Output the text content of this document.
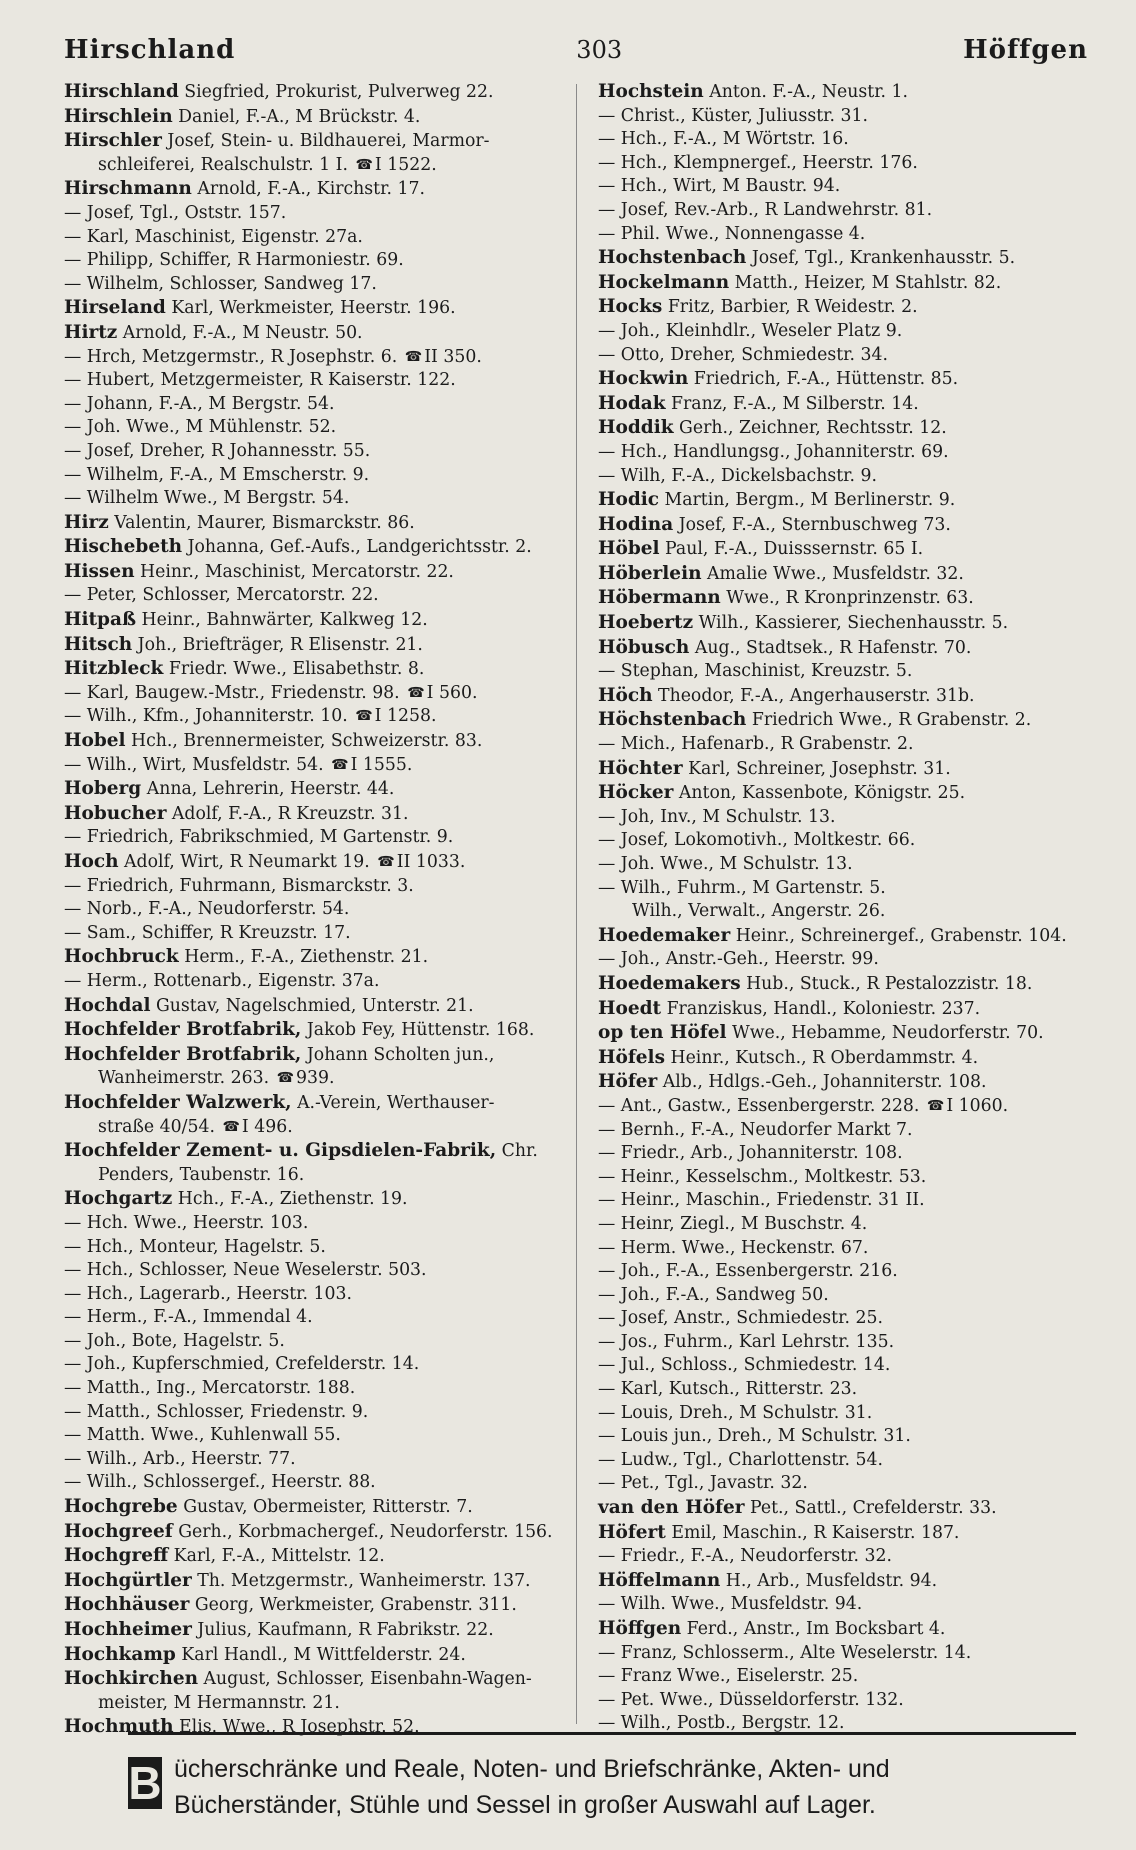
Hirschland	303	Höffgen
Hirschland Siegfried, Prokurist, Pulverweg 22.
Hirschlein Daniel, F.-A., M Brückstr. 4.
Hirschler Josef, Stein- u. Bildhauerei, Marmor-
schleiferei, Realschulstr. 1 I. ☎ I 1522.
Hirschmann Arnold, F.-A., Kirchstr. 17.
— Josef, Tgl., Oststr. 157.
— Karl, Maschinist, Eigenstr. 27a.
— Philipp, Schiffer, R Harmoniestr. 69.
— Wilhelm, Schlosser, Sandweg 17.
Hirseland Karl, Werkmeister, Heerstr. 196.
Hirtz Arnold, F.-A., M Neustr. 50.
— Hrch, Metzgermstr., R Josephstr. 6. ☎ II 350.
— Hubert, Metzgermeister, R Kaiserstr. 122.
— Johann, F.-A., M Bergstr. 54.
— Joh. Wwe., M Mühlenstr. 52.
— Josef, Dreher, R Johannesstr. 55.
— Wilhelm, F.-A., M Emscherstr. 9.
— Wilhelm Wwe., M Bergstr. 54.
Hirz Valentin, Maurer, Bismarckstr. 86.
Hischebeth Johanna, Gef.-Aufs., Landgerichtsstr. 2.
Hissen Heinr., Maschinist, Mercatorstr. 22.
— Peter, Schlosser, Mercatorstr. 22.
Hitpaß Heinr., Bahnwärter, Kalkweg 12.
Hitsch Joh., Briefträger, R Elisenstr. 21.
Hitzbleck Friedr. Wwe., Elisabethstr. 8.
— Karl, Baugew.-Mstr., Friedenstr. 98. ☎ I 560.
— Wilh., Kfm., Johanniterstr. 10. ☎ I 1258.
Hobel Hch., Brennermeister, Schweizerstr. 83.
— Wilh., Wirt, Musfeldstr. 54. ☎ I 1555.
Hoberg Anna, Lehrerin, Heerstr. 44.
Hobucher Adolf, F.-A., R Kreuzstr. 31.
— Friedrich, Fabrikschmied, M Gartenstr. 9.
Hoch Adolf, Wirt, R Neumarkt 19. ☎ II 1033.
— Friedrich, Fuhrmann, Bismarckstr. 3.
— Norb., F.-A., Neudorferstr. 54.
— Sam., Schiffer, R Kreuzstr. 17.
Hochbruck Herm., F.-A., Ziethenstr. 21.
— Herm., Rottenarb., Eigenstr. 37a.
Hochdal Gustav, Nagelschmied, Unterstr. 21.
Hochfelder Brotfabrik, Jakob Fey, Hüttenstr. 168.
Hochfelder Brotfabrik, Johann Scholten jun.,
Wanheimerstr. 263. ☎ 939.
Hochfelder Walzwerk, A.-Verein, Werthauser-
straße 40/54. ☎ I 496.
Hochfelder Zement- u. Gipsdielen-Fabrik, Chr.
Penders, Taubenstr. 16.
Hochgartz Hch., F.-A., Ziethenstr. 19.
— Hch. Wwe., Heerstr. 103.
— Hch., Monteur, Hagelstr. 5.
— Hch., Schlosser, Neue Weselerstr. 503.
— Hch., Lagerarb., Heerstr. 103.
— Herm., F.-A., Immendal 4.
— Joh., Bote, Hagelstr. 5.
— Joh., Kupferschmied, Crefelderstr. 14.
— Matth., Ing., Mercatorstr. 188.
— Matth., Schlosser, Friedenstr. 9.
— Matth. Wwe., Kuhlenwall 55.
— Wilh., Arb., Heerstr. 77.
— Wilh., Schlossergef., Heerstr. 88.
Hochgrebe Gustav, Obermeister, Ritterstr. 7.
Hochgreef Gerh., Korbmachergef., Neudorferstr. 156.
Hochgreff Karl, F.-A., Mittelstr. 12.
Hochgürtler Th. Metzgermstr., Wanheimerstr. 137.
Hochhäuser Georg, Werkmeister, Grabenstr. 311.
Hochheimer Julius, Kaufmann, R Fabrikstr. 22.
Hochkamp Karl Handl., M Wittfelderstr. 24.
Hochkirchen August, Schlosser, Eisenbahn-Wagen-
meister, M Hermannstr. 21.
Hochmuth Elis. Wwe., R Josephstr. 52.
Hochstein Anton. F.-A., Neustr. 1.
— Christ., Küster, Juliusstr. 31.
— Hch., F.-A., M Wörtstr. 16.
— Hch., Klempnergef., Heerstr. 176.
— Hch., Wirt, M Baustr. 94.
— Josef, Rev.-Arb., R Landwehrstr. 81.
— Phil. Wwe., Nonnengasse 4.
Hochstenbach Josef, Tgl., Krankenhausstr. 5.
Hockelmann Matth., Heizer, M Stahlstr. 82.
Hocks Fritz, Barbier, R Weidestr. 2.
— Joh., Kleinhdlr., Weseler Platz 9.
— Otto, Dreher, Schmiedestr. 34.
Hockwin Friedrich, F.-A., Hüttenstr. 85.
Hodak Franz, F.-A., M Silberstr. 14.
Hoddik Gerh., Zeichner, Rechtsstr. 12.
— Hch., Handlungsg., Johanniterstr. 69.
— Wilh, F.-A., Dickelsbachstr. 9.
Hodic Martin, Bergm., M Berlinerstr. 9.
Hodina Josef, F.-A., Sternbuschweg 73.
Höbel Paul, F.-A., Duisssernstr. 65 I.
Höberlein Amalie Wwe., Musfeldstr. 32.
Höbermann Wwe., R Kronprinzenstr. 63.
Hoebertz Wilh., Kassierer, Siechenhausstr. 5.
Höbusch Aug., Stadtsek., R Hafenstr. 70.
— Stephan, Maschinist, Kreuzstr. 5.
Höch Theodor, F.-A., Angerhauserstr. 31b.
Höchstenbach Friedrich Wwe., R Grabenstr. 2.
— Mich., Hafenarb., R Grabenstr. 2.
Höchter Karl, Schreiner, Josephstr. 31.
Höcker Anton, Kassenbote, Königstr. 25.
— Joh, Inv., M Schulstr. 13.
— Josef, Lokomotivh., Moltkestr. 66.
— Joh. Wwe., M Schulstr. 13.
— Wilh., Fuhrm., M Gartenstr. 5.
Wilh., Verwalt., Angerstr. 26.
Hoedemaker Heinr., Schreinergef., Grabenstr. 104.
— Joh., Anstr.-Geh., Heerstr. 99.
Hoedemakers Hub., Stuck., R Pestalozzistr. 18.
Hoedt Franziskus, Handl., Koloniestr. 237.
op ten Höfel Wwe., Hebamme, Neudorferstr. 70.
Höfels Heinr., Kutsch., R Oberdammstr. 4.
Höfer Alb., Hdlgs.-Geh., Johanniterstr. 108.
— Ant., Gastw., Essenbergerstr. 228. ☎ I 1060.
— Bernh., F.-A., Neudorfer Markt 7.
— Friedr., Arb., Johanniterstr. 108.
— Heinr., Kesselschm., Moltkestr. 53.
— Heinr., Maschin., Friedenstr. 31 II.
— Heinr, Ziegl., M Buschstr. 4.
— Herm. Wwe., Heckenstr. 67.
— Joh., F.-A., Essenbergerstr. 216.
— Joh., F.-A., Sandweg 50.
— Josef, Anstr., Schmiedestr. 25.
— Jos., Fuhrm., Karl Lehrstr. 135.
— Jul., Schloss., Schmiedestr. 14.
— Karl, Kutsch., Ritterstr. 23.
— Louis, Dreh., M Schulstr. 31.
— Louis jun., Dreh., M Schulstr. 31.
— Ludw., Tgl., Charlottenstr. 54.
— Pet., Tgl., Javastr. 32.
van den Höfer Pet., Sattl., Crefelderstr. 33.
Höfert Emil, Maschin., R Kaiserstr. 187.
— Friedr., F.-A., Neudorferstr. 32.
Höffelmann H., Arb., Musfeldstr. 94.
— Wilh. Wwe., Musfeldstr. 94.
Höffgen Ferd., Anstr., Im Bocksbart 4.
— Franz, Schlosserm., Alte Weselerstr. 14.
— Franz Wwe., Eiselerstr. 25.
— Pet. Wwe., Düsseldorferstr. 132.
— Wilh., Postb., Bergstr. 12.
B ücherschränke und Reale, Noten- und Briefschränke, Akten- und
Bücherständer, Stühle und Sessel in großer Auswahl auf Lager.
